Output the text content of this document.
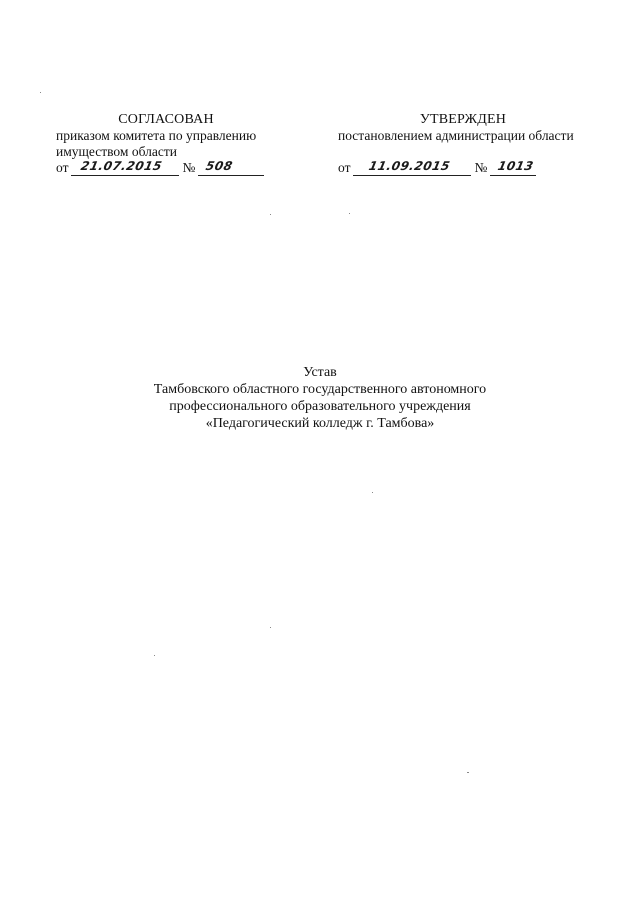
СОГЛАСОВАН
приказом комитета по управлению
имуществом области
от 21.07.2015 № 508
УТВЕРЖДЕН
постановлением администрации области
от 11.09.2015 № 1013
Устав
Тамбовского областного государственного автономного
профессионального образовательного учреждения
«Педагогический колледж г. Тамбова»
